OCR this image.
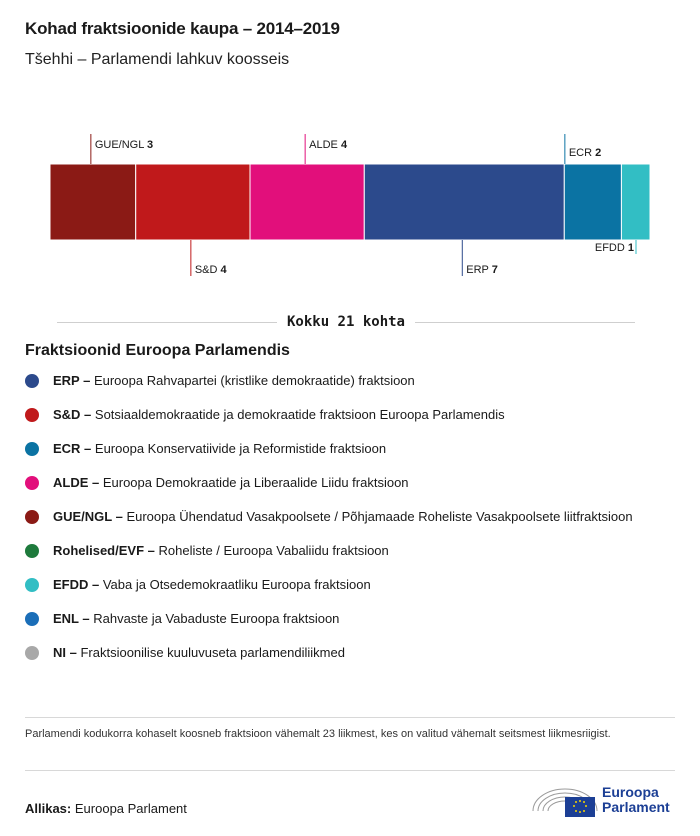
Kohad fraktsioonide kaupa – 2014–2019
Tšehhi – Parlamendi lahkuv koosseis
GUE/NGL 3
S&D 4
ALDE 4
ERP 7
ECR 2
EFDD 1
Kokku 21 kohta
Fraktsioonid Euroopa Parlamendis
ERP – Euroopa Rahvapartei (kristlike demokraatide) fraktsioon
S&D – Sotsiaaldemokraatide ja demokraatide fraktsioon Euroopa Parlamendis
ECR – Euroopa Konservatiivide ja Reformistide fraktsioon
ALDE – Euroopa Demokraatide ja Liberaalide Liidu fraktsioon
GUE/NGL – Euroopa Ühendatud Vasakpoolsete / Põhjamaade Roheliste Vasakpoolsete liitfraktsioon
Rohelised/EVF – Roheliste / Euroopa Vabaliidu fraktsioon
EFDD – Vaba ja Otsedemokraatliku Euroopa fraktsioon
ENL – Rahvaste ja Vabaduste Euroopa fraktsioon
NI – Fraktsioonilise kuuluvuseta parlamendiliikmed
Parlamendi kodukorra kohaselt koosneb fraktsioon vähemalt 23 liikmest, kes on valitud vähemalt seitsmest liikmesriigist.
Allikas: Euroopa Parlament
Euroopa
Parlament
